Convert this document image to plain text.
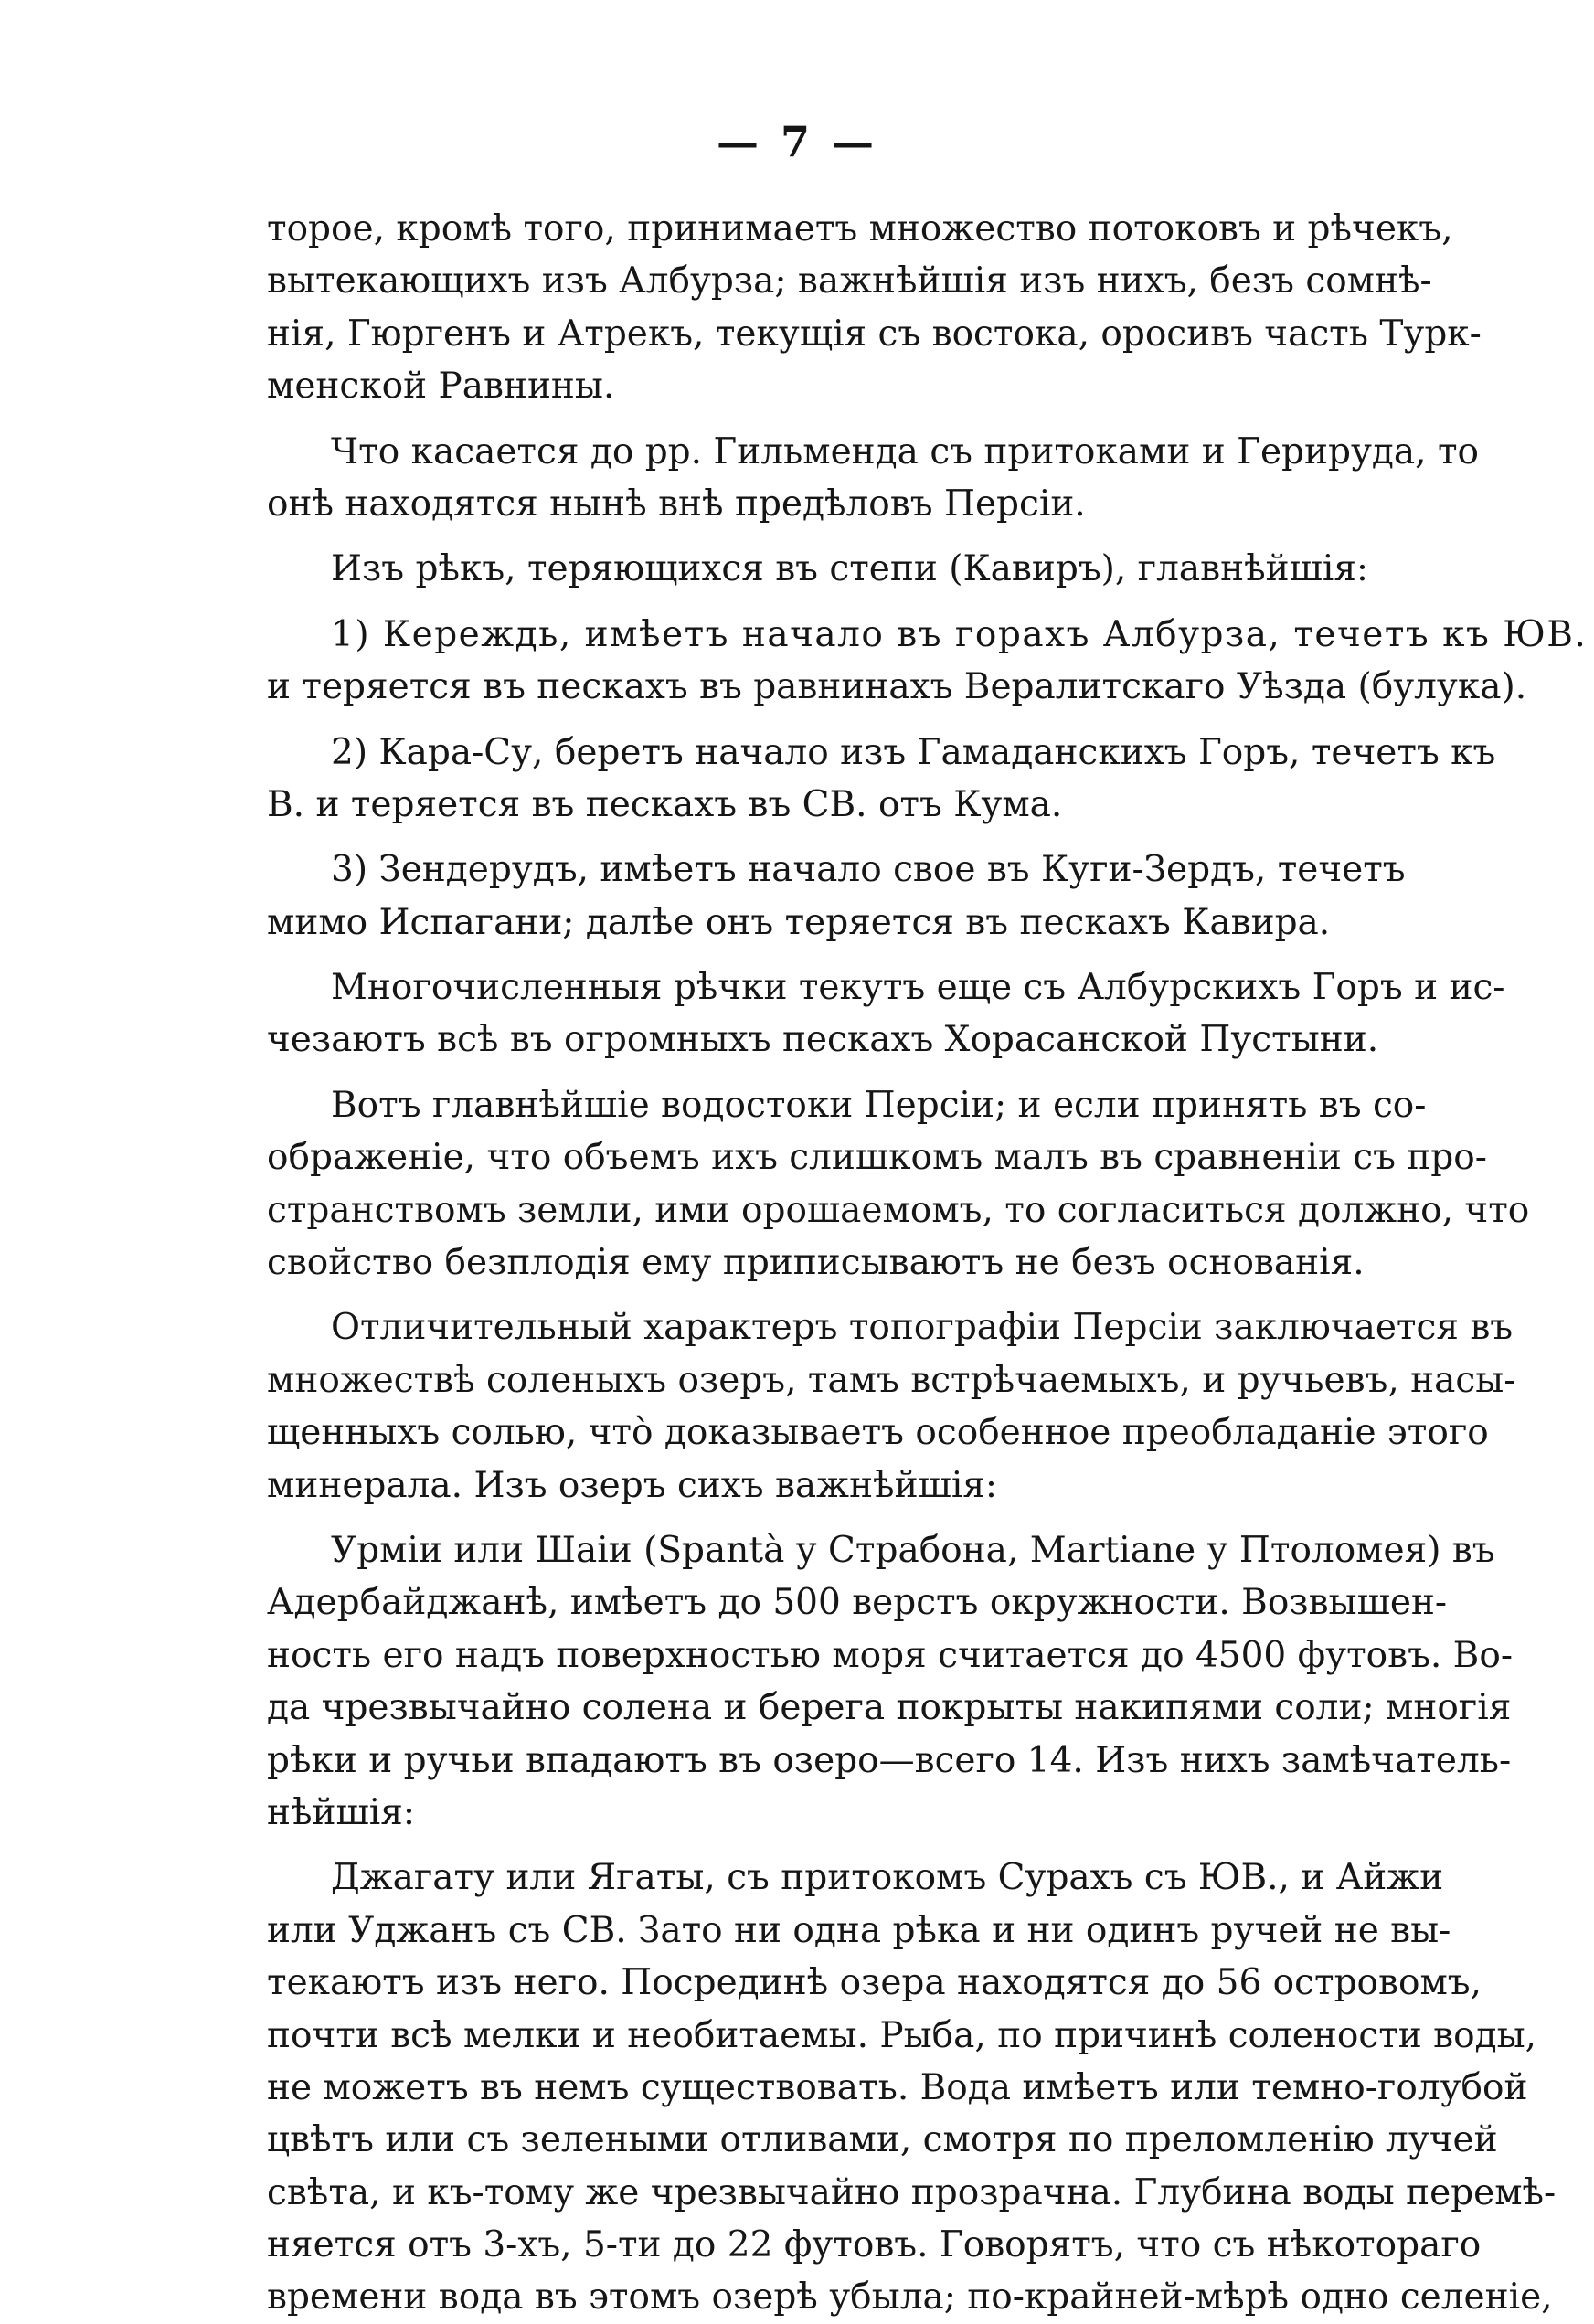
— 7 —
торое, кромѣ того, принимаетъ множество потоковъ и рѣчекъ,
вытекающихъ изъ Албурза; важнѣйшія изъ нихъ, безъ сомнѣ-
нія, Гюргенъ и Атрекъ, текущія съ востока, оросивъ часть Турк-
менской Равнины.
Что касается до рр. Гильменда съ притоками и Герируда, то
онѣ находятся нынѣ внѣ предѣловъ Персіи.
Изъ рѣкъ, теряющихся въ степи (Кавиръ), главнѣйшія:
1) Кереждь, имѣетъ начало въ горахъ Албурза, течетъ къ ЮВ.
и теряется въ пескахъ въ равнинахъ Вералитскаго Уѣзда (булука).
2) Кара-Су, беретъ начало изъ Гамаданскихъ Горъ, течетъ къ
В. и теряется въ пескахъ въ СВ. отъ Кума.
3) Зендерудъ, имѣетъ начало свое въ Куги-Зердъ, течетъ
мимо Испагани; далѣе онъ теряется въ пескахъ Кавира.
Многочисленныя рѣчки текутъ еще съ Албурскихъ Горъ и ис-
чезаютъ всѣ въ огромныхъ пескахъ Хорасанской Пустыни.
Вотъ главнѣйшіе водостоки Персіи; и если принять въ со-
ображеніе, что объемъ ихъ слишкомъ малъ въ сравненіи съ про-
странствомъ земли, ими орошаемомъ, то согласиться должно, что
свойство безплодія ему приписываютъ не безъ основанія.
Отличительный характеръ топографіи Персіи заключается въ
множествѣ соленыхъ озеръ, тамъ встрѣчаемыхъ, и ручьевъ, насы-
щенныхъ солью, что̀ доказываетъ особенное преобладаніе этого
минерала. Изъ озеръ сихъ важнѣйшія:
Урміи или Шаіи (Spantà у Страбона, Martiane у Птоломея) въ
Адербайджанѣ, имѣетъ до 500 верстъ окружности. Возвышен-
ность его надъ поверхностью моря считается до 4500 футовъ. Во-
да чрезвычайно солена и берега покрыты накипями соли; многія
рѣки и ручьи впадаютъ въ озеро—всего 14. Изъ нихъ замѣчатель-
нѣйшія:
Джагату или Ягаты, съ притокомъ Сурахъ съ ЮВ., и Айжи
или Уджанъ съ СВ. Зато ни одна рѣка и ни одинъ ручей не вы-
текаютъ изъ него. Посрединѣ озера находятся до 56 островомъ,
почти всѣ мелки и необитаемы. Рыба, по причинѣ солености воды,
не можетъ въ немъ существовать. Вода имѣетъ или темно-голубой
цвѣтъ или съ зелеными отливами, смотря по преломленію лучей
свѣта, и къ-тому же чрезвычайно прозрачна. Глубина воды перемѣ-
няется отъ 3-хъ, 5-ти до 22 футовъ. Говорятъ, что съ нѣкотораго
времени вода въ этомъ озерѣ убыла; по-крайней-мѣрѣ одно селеніе,
